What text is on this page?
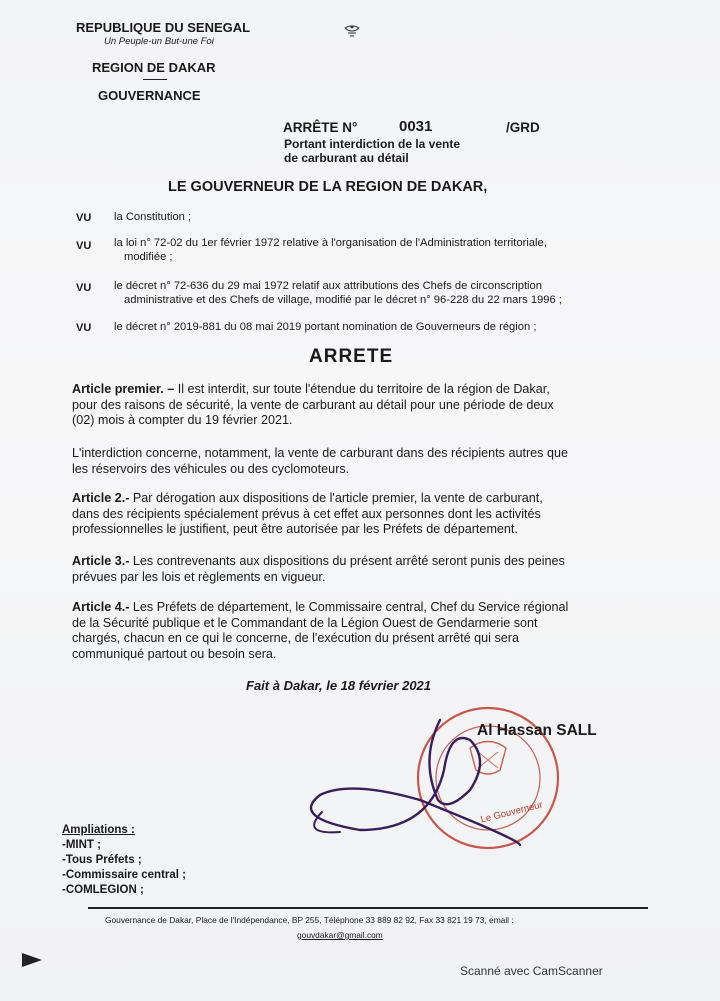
REPUBLIQUE DU SENEGAL
Un Peuple-un But-une Foi
REGION DE DAKAR
GOUVERNANCE
ARRÊTE N°	0031	/GRD
Portant interdiction de la vente
de carburant au détail
LE GOUVERNEUR DE LA REGION DE DAKAR,
VU la Constitution ;
VU la loi n° 72-02 du 1er février 1972 relative à l'organisation de l'Administration territoriale,
modifiée ;
VU le décret n° 72-636 du 29 mai 1972 relatif aux attributions des Chefs de circonscription
administrative et des Chefs de village, modifié par le décret n° 96-228 du 22 mars 1996 ;
VU le décret n° 2019-881 du 08 mai 2019 portant nomination de Gouverneurs de région ;
ARRETE
Article premier. – Il est interdit, sur toute l'étendue du territoire de la région de Dakar,
pour des raisons de sécurité, la vente de carburant au détail pour une période de deux
(02) mois à compter du 19 février 2021.
L'interdiction concerne, notamment, la vente de carburant dans des récipients autres que
les réservoirs des véhicules ou des cyclomoteurs.
Article 2.- Par dérogation aux dispositions de l'article premier, la vente de carburant,
dans des récipients spécialement prévus à cet effet aux personnes dont les activités
professionnelles le justifient, peut être autorisée par les Préfets de département.
Article 3.- Les contrevenants aux dispositions du présent arrêté seront punis des peines
prévues par les lois et règlements en vigueur.
Article 4.- Les Préfets de département, le Commissaire central, Chef du Service régional
de la Sécurité publique et le Commandant de la Légion Ouest de Gendarmerie sont
chargés, chacun en ce qui le concerne, de l'exécution du présent arrêté qui sera
communiqué partout ou besoin sera.
Fait à Dakar, le 18 février 2021
Le Gouverneur
Al Hassan SALL
Ampliations :
-MINT ;
-Tous Préfets ;
-Commissaire central ;
-COMLEGION ;
Gouvernance de Dakar, Place de l'Indépendance, BP 255, Téléphone 33 889 82 92, Fax 33 821 19 73, email :
gouvdakar@gmail.com
Scanné avec CamScanner
